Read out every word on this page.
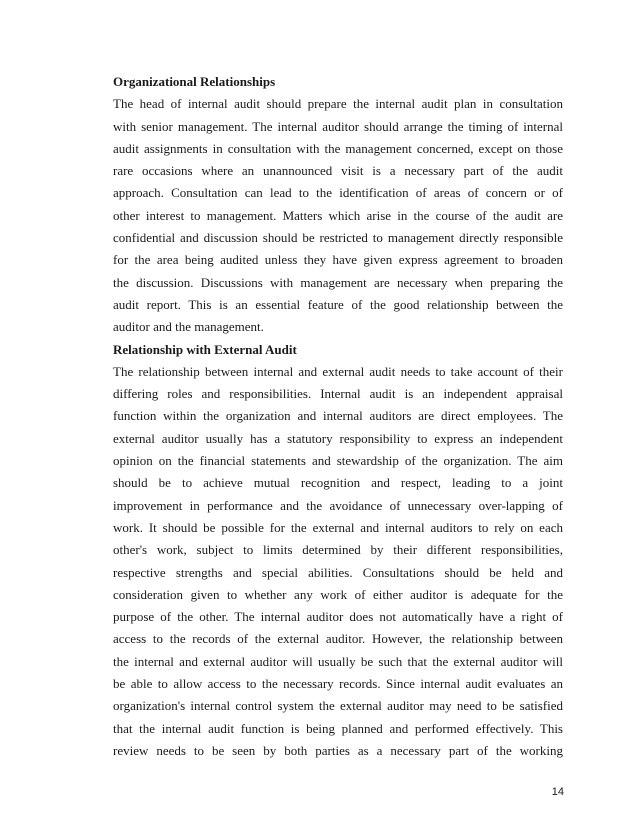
Organizational Relationships
The head of internal audit should prepare the internal audit plan in consultation
with senior management. The internal auditor should arrange the timing of internal
audit assignments in consultation with the management concerned, except on those
rare occasions where an unannounced visit is a necessary part of the audit
approach. Consultation can lead to the identification of areas of concern or of
other interest to management. Matters which arise in the course of the audit are
confidential and discussion should be restricted to management directly responsible
for the area being audited unless they have given express agreement to broaden
the discussion. Discussions with management are necessary when preparing the
audit report. This is an essential feature of the good relationship between the
auditor and the management.
Relationship with External Audit
The relationship between internal and external audit needs to take account of their
differing roles and responsibilities. Internal audit is an independent appraisal
function within the organization and internal auditors are direct employees. The
external auditor usually has a statutory responsibility to express an independent
opinion on the financial statements and stewardship of the organization. The aim
should be to achieve mutual recognition and respect, leading to a joint
improvement in performance and the avoidance of unnecessary over-lapping of
work. It should be possible for the external and internal auditors to rely on each
other's work, subject to limits determined by their different responsibilities,
respective strengths and special abilities. Consultations should be held and
consideration given to whether any work of either auditor is adequate for the
purpose of the other. The internal auditor does not automatically have a right of
access to the records of the external auditor. However, the relationship between
the internal and external auditor will usually be such that the external auditor will
be able to allow access to the necessary records. Since internal audit evaluates an
organization's internal control system the external auditor may need to be satisfied
that the internal audit function is being planned and performed effectively. This
review needs to be seen by both parties as a necessary part of the working
14
